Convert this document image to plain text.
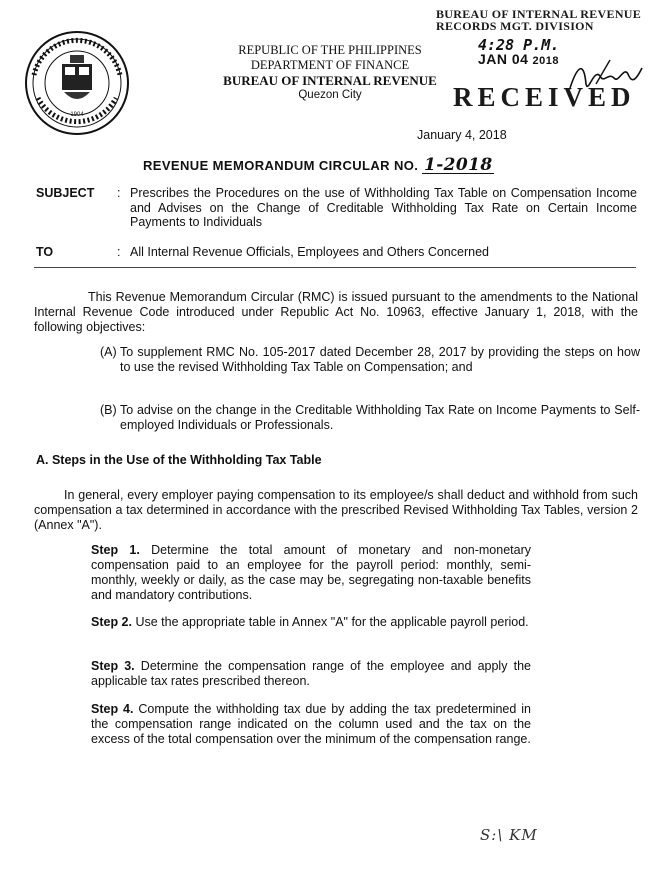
1904
REPUBLIC OF THE PHILIPPINES
DEPARTMENT OF FINANCE
BUREAU OF INTERNAL REVENUE
Quezon City
BUREAU OF INTERNAL REVENUE
RECORDS MGT. DIVISION
4:28 P.M.
JAN 04 2018
RECEIVED
January 4, 2018
REVENUE MEMORANDUM CIRCULAR NO. 1-2018
SUBJECT : Prescribes the Procedures on the use of Withholding Tax Table on Compensation Income and Advises on the Change of Creditable Withholding Tax Rate on Certain Income Payments to Individuals
TO	: All Internal Revenue Officials, Employees and Others Concerned
This Revenue Memorandum Circular (RMC) is issued pursuant to the amendments to the National Internal Revenue Code introduced under Republic Act No. 10963, effective January 1, 2018, with the following objectives:
(A) To supplement RMC No. 105-2017 dated December 28, 2017 by providing the steps on how to use the revised Withholding Tax Table on Compensation; and
(B) To advise on the change in the Creditable Withholding Tax Rate on Income Payments to Self-employed Individuals or Professionals.
A. Steps in the Use of the Withholding Tax Table
In general, every employer paying compensation to its employee/s shall deduct and withhold from such compensation a tax determined in accordance with the prescribed Revised Withholding Tax Tables, version 2 (Annex "A").
Step 1. Determine the total amount of monetary and non-monetary compensation paid to an employee for the payroll period: monthly, semi-monthly, weekly or daily, as the case may be, segregating non-taxable benefits and mandatory contributions.
Step 2. Use the appropriate table in Annex "A" for the applicable payroll period.
Step 3. Determine the compensation range of the employee and apply the applicable tax rates prescribed thereon.
Step 4. Compute the withholding tax due by adding the tax predetermined in the compensation range indicated on the column used and the tax on the excess of the total compensation over the minimum of the compensation range.
S:\ KM
